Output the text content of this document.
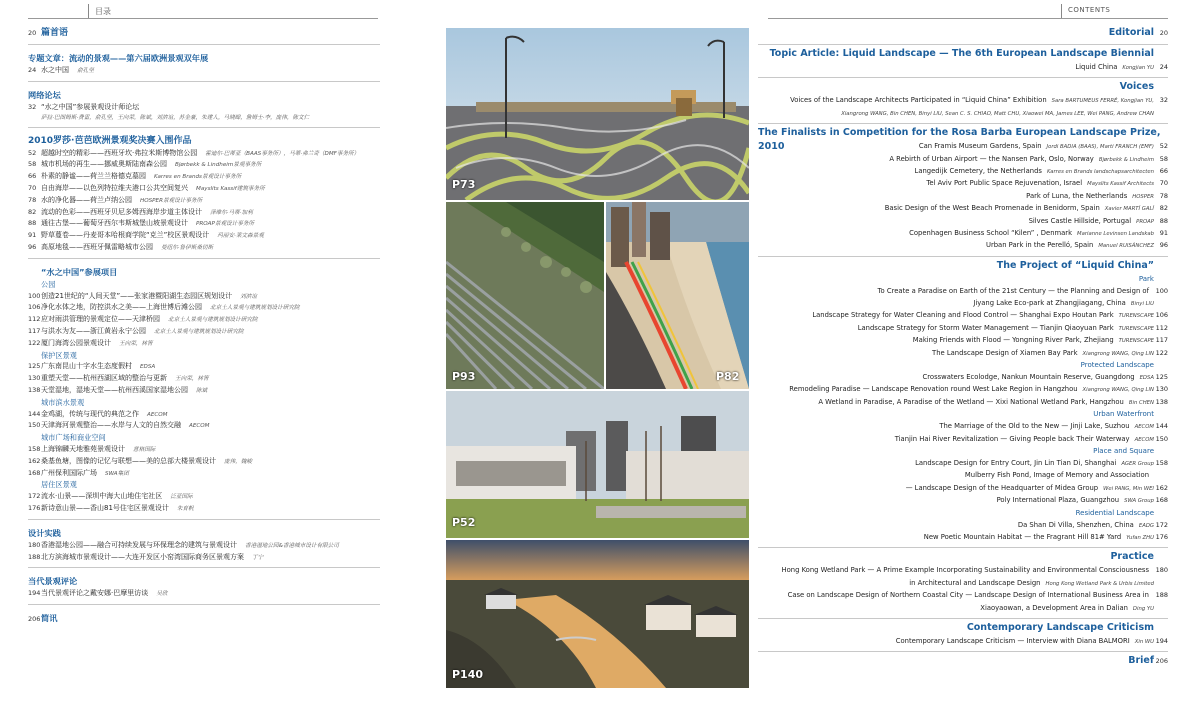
目录	CONTENTS
20 篇首语
专题文章：流动的景观——第六届欧洲景观双年展
24 水之中国 俞孔坚
网络论坛
32 “水之中国”参展景观设计师论坛
萨拉·巴图姆斯·费雷，俞孔坚，王向荣，陈斌，刘滨谊，苏金豪，朱建人，马晓暐，詹姆士·李，庞伟，陈文仁
2010罗莎·芭芭欧洲景观奖决赛入围作品
52 超越时空的精彩——西班牙坎·弗拉米斯博物馆公园 霍迪尔·巴蒂亚（BAAS事务所），马蒂·弗兰奇（DMF事务所）
58 城市机场的再生——挪威奥斯陆南森公园 Bjørbekk & Lindheim景观事务所
66 朴素的静谧——荷兰兰格德克墓园 Karres en Brands景观设计事务所
70 自由海岸——以色列特拉维夫港口公共空间复兴 Mayslits Kassif建筑事务所
78 水的净化器——荷兰卢纳公园 HOSPER景观设计事务所
82 流动的色彩——西班牙贝尼多姆西海岸步道主体设计 泽维尔·马蒂·加利
88 通往古堡——葡萄牙西尔韦斯城堡山坡景观设计 PROAP景观设计事务所
91 野草蔓卷——丹麦哥本哈根商学院“克兰”校区景观设计 玛丽安·莱文森景观
96 高原地毯——西班牙佩雷略城市公园 曼纽尔·鲁伊斯桑切斯
“水之中国”参展项目
公园
100创造21世纪的“人间天堂”——张家港暨阳湖生态园区规划设计 刘滨谊
106净化水体之地，防控洪水之美——上海世博后滩公园 北京土人景观与建筑规划设计研究院
112应对雨洪管理的景观定位——天津桥园 北京土人景观与建筑规划设计研究院
117与洪水为友——浙江黄岩永宁公园 北京土人景观与建筑规划设计研究院
122厦门海湾公园景观设计 王向荣，林箐
保护区景观
125广东南昆山十字水生态度假村 EDSA
130重塑天堂——杭州西湖区域的整治与更新 王向荣，林箐
138天堂湿地，湿地天堂——杭州西溪国家湿地公园 陈斌
城市滨水景观
144金鸡湖，传统与现代的典范之作 AECOM
150天津海河景观整治——水岸与人文的自然交融 AECOM
城市广场和商业空间
158上海锦麟天地雅苑景观设计 意格国际
162桑基鱼塘，图像的记忆与联想——美的总部大楼景观设计 庞伟，魏峻
168广州保利国际广场 SWA集团
居住区景观
172流水·山景——深圳中海大山地住宅社区 泛亚国际
176新诗意山景——香山81号住宅区景观设计 朱育帆
设计实践
180香港湿地公园——融合可持续发展与环保理念的建筑与景观设计 香港湿地公园&香港城市设计有限公司
188北方滨海城市景观设计——大连开发区小窑湾国际商务区景观方案 丁宁
当代景观评论
194当代景观评论之戴安娜·巴摩里访谈 吴欣
206简讯
P73
P93	P82
P52
P140
Editorial 20
Topic Article: Liquid Landscape — The 6th European Landscape Biennial
Liquid China Kongjian YU 24
Voices
Voices of the Landscape Architects Participated in “Liquid China” Exhibition Sara BARTUMEUS FERRÉ, Kongjian YU, 32
Xiangrong WANG, Bin CHEN, Binyi LIU, Sean C. S. CHIAO, Matt CHU, Xiaowei MA, James LEE, Wei PANG, Andrew CHAN
The Finalists in Competition for the Rosa Barba European Landscape Prize, 2010	Can Framis Museum Gardens, Spain Jordi BADIA (BAAS), Marti FRANCH (EMF) 52
A Rebirth of Urban Airport — the Nansen Park, Oslo, Norway Bjørbekk & Lindheim 58
Langedijk Cemetery, the Netherlands Karres en Brands landschapsarchitecten 66
Tel Aviv Port Public Space Rejuvenation, Israel Mayslits Kassif Architects 70
Park of Luna, the Netherlands HOSPER 78
Basic Design of the West Beach Promenade in Benidorm, Spain Xavier MARTÍ GALÍ 82
Silves Castle Hillside, Portugal PROAP 88
Copenhagen Business School “Kilen” , Denmark Marianne Levinsen Landskab 91
Urban Park in the Perelló, Spain Manuel RUISÁNCHEZ 96
The Project of “Liquid China”
Park
To Create a Paradise on Earth of the 21st Century — the Planning and Design of 100
Jiyang Lake Eco-park at Zhangjiagang, China Binyi LIU
Landscape Strategy for Water Cleaning and Flood Control — Shanghai Expo Houtan Park TURENSCAPE 106
Landscape Strategy for Storm Water Management — Tianjin Qiaoyuan Park TURENSCAPE 112
Making Friends with Flood — Yongning River Park, Zhejiang TURENSCAPE 117
The Landscape Design of Xiamen Bay Park Xiangrong WANG, Qing LIN 122
Protected Landscape
Crosswaters Ecolodge, Nankun Mountain Reserve, Guangdong EDSA 125
Remodeling Paradise — Landscape Renovation round West Lake Region in Hangzhou Xiangrong WANG, Qing LIN 130
A Wetland in Paradise, A Paradise of the Wetland — Xixi National Wetland Park, Hangzhou Bin CHEN 138
Urban Waterfront
The Marriage of the Old to the New — Jinji Lake, Suzhou AECOM 144
Tianjin Hai River Revitalization — Giving People back Their Waterway AECOM 150
Place and Square
Landscape Design for Entry Court, Jin Lin Tian Di, Shanghai AGER Group 158
Mulberry Fish Pond, Image of Memory and Association
— Landscape Design of the Headquarter of Midea Group Wei PANG, Min WEI 162
Poly International Plaza, Guangzhou SWA Group 168
Residential Landscape
Da Shan Di Villa, Shenzhen, China EADG 172
New Poetic Mountain Habitat — the Fragrant Hill 81# Yard Yufan ZHU 176
Practice
Hong Kong Wetland Park — A Prime Example Incorporating Sustainability and Environmental Consciousness 180
in Architectural and Landscape Design Hong Kong Wetland Park & Urbis Limited
Case on Landscape Design of Northern Coastal City — Landscape Design of International Business Area in 188
Xiaoyaowan, a Development Area in Dalian Ding YU
Contemporary Landscape Criticism
Contemporary Landscape Criticism — Interview with Diana BALMORI Xin WU 194
Brief 206
